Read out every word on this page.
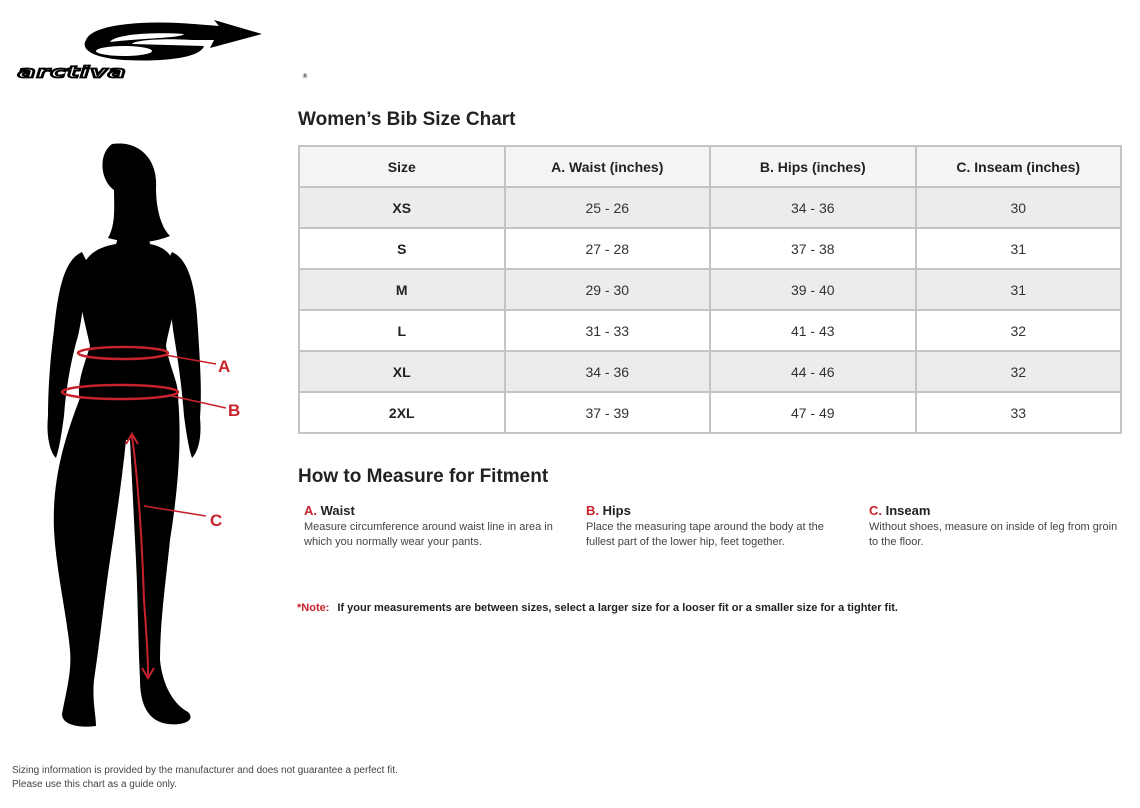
arctiva	®
A
B
C
Women’s Bib Size Chart
Size	A. Waist (inches)	B. Hips (inches)	C. Inseam (inches)
XS	25 - 26	34 - 36	30
S	27 - 28	37 - 38	31
M	29 - 30	39 - 40	31
L	31 - 33	41 - 43	32
XL	34 - 36	44 - 46	32
2XL	37 - 39	47 - 49	33
How to Measure for Fitment
A. Waist
Measure circumference around waist line in area in which you normally wear your pants.
B. Hips
Place the measuring tape around the body at the fullest part of the lower hip, feet together.
C. Inseam
Without shoes, measure on inside of leg from groin to the floor.
*Note: If your measurements are between sizes, select a larger size for a looser fit or a smaller size for a tighter fit.
Sizing information is provided by the manufacturer and does not guarantee a perfect fit.
Please use this chart as a guide only.
